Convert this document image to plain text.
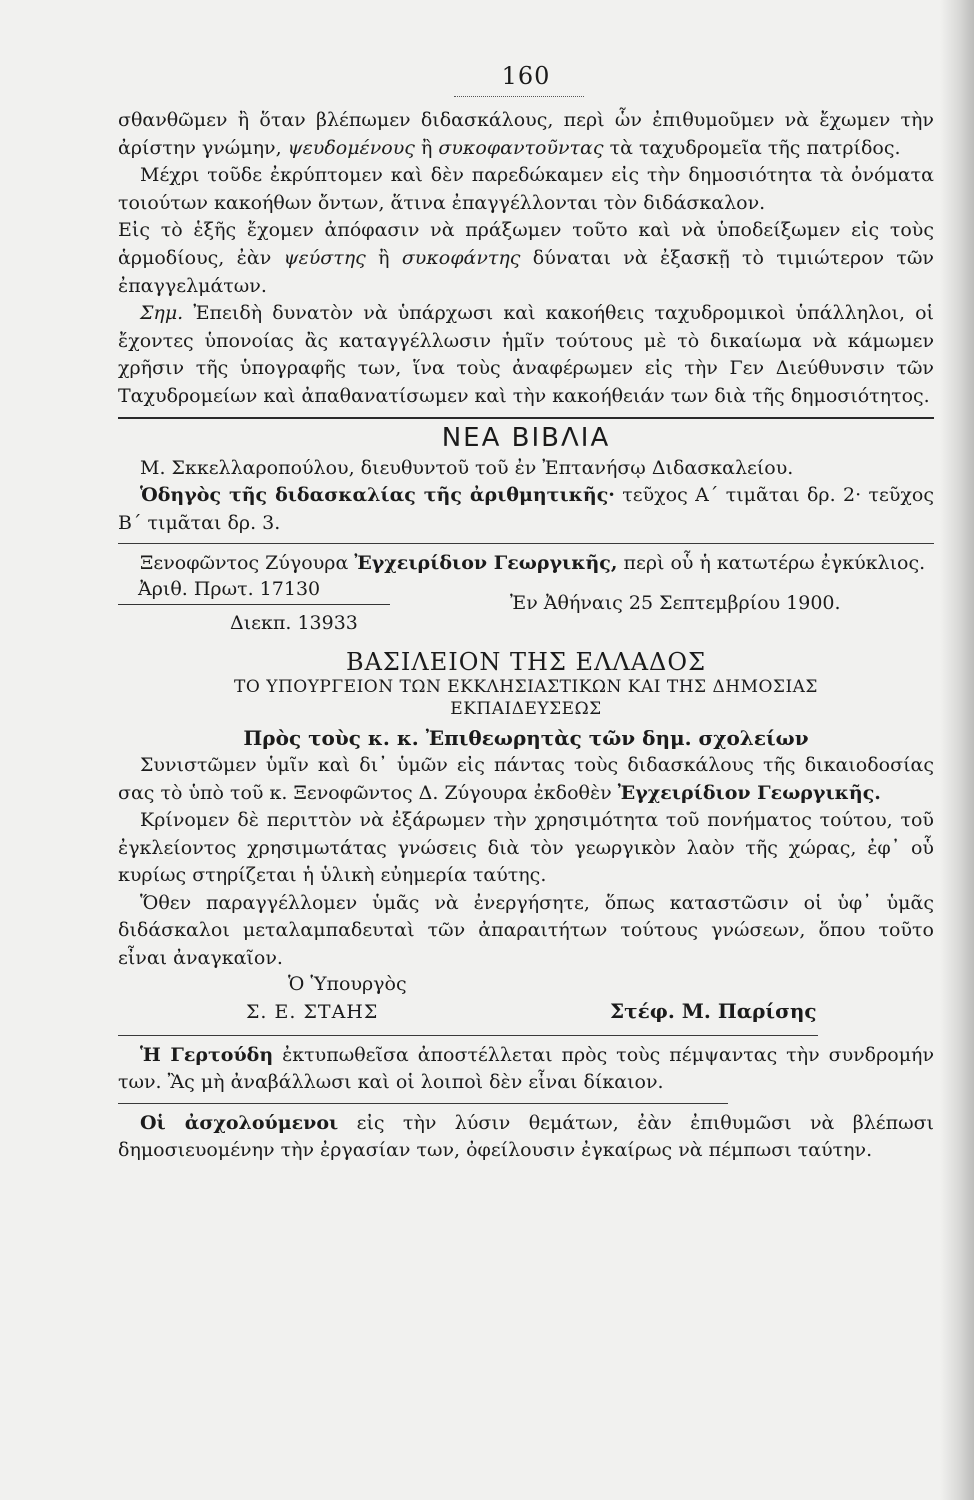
160

σθανθῶμεν ἢ ὅταν βλέπωμεν διδασκάλους, περὶ ὧν ἐπιθυμοῦμεν νὰ ἔχωμεν τὴν ἀρίστην γνώμην, ψευδομένους ἢ συκοφαντοῦντας τὰ ταχυδρομεῖα τῆς πατρίδος.

Μέχρι τοῦδε ἐκρύπτομεν καὶ δὲν παρεδώκαμεν εἰς τὴν δημοσιότητα τὰ ὀνόματα τοιούτων κακοήθων ὄντων, ἅτινα ἐπαγγέλλονται τὸν διδάσκαλον.

Εἰς τὸ ἑξῆς ἔχομεν ἀπόφασιν νὰ πράξωμεν τοῦτο καὶ νὰ ὑποδείξωμεν εἰς τοὺς ἁρμοδίους, ἐὰν ψεύστης ἢ συκοφάντης δύναται νὰ ἐξασκῇ τὸ τιμιώτερον τῶν ἐπαγγελμάτων.

Σημ. Ἐπειδὴ δυνατὸν νὰ ὑπάρχωσι καὶ κακοήθεις ταχυδρομικοὶ ὑπάλληλοι, οἱ ἔχοντες ὑπονοίας ἂς καταγγέλλωσιν ἡμῖν τούτους μὲ τὸ δικαίωμα νὰ κάμωμεν χρῆσιν τῆς ὑπογραφῆς των, ἵνα τοὺς ἀναφέρωμεν εἰς τὴν Γεν Διεύθυνσιν τῶν Ταχυδρομείων καὶ ἀπαθανατίσωμεν καὶ τὴν κακοήθειάν των διὰ τῆς δημοσιότητος.

ΝΕΑ ΒΙΒΛΙΑ

Μ. Σκκελλαροπούλου, διευθυντοῦ τοῦ ἐν Ἐπτανήσῳ Διδασκαλείου.

Ὁδηγὸς τῆς διδασκαλίας τῆς ἀριθμητικῆς· τεῦχος Α΄ τιμᾶται δρ. 2· τεῦχος Β΄ τιμᾶται δρ. 3.

Ξενοφῶντος Ζύγουρα Ἐγχειρίδιον Γεωργικῆς, περὶ οὗ ἡ κατωτέρω ἐγκύκλιος.

Ἀριθ. Πρωτ. 17130
Διεκπ. 13933
Ἐν Ἀθήναις 25 Σεπτεμβρίου 1900.
ΒΑΣΙΛΕΙΟΝ ΤΗΣ ΕΛΛΑΔΟΣ
ΤΟ ΥΠΟΥΡΓΕΙΟΝ ΤΩΝ ΕΚΚΛΗΣΙΑΣΤΙΚΩΝ ΚΑΙ ΤΗΣ ΔΗΜΟΣΙΑΣ
ΕΚΠΑΙΔΕΥΣΕΩΣ
Πρὸς τοὺς κ. κ. Ἐπιθεωρητὰς τῶν δημ. σχολείων

Συνιστῶμεν ὑμῖν καὶ δι᾽ ὑμῶν εἰς πάντας τοὺς διδασκάλους τῆς δικαιοδοσίας σας τὸ ὑπὸ τοῦ κ. Ξενοφῶντος Δ. Ζύγουρα ἐκδοθὲν Ἐγχειρίδιον Γεωργικῆς.

Κρίνομεν δὲ περιττὸν νὰ ἐξάρωμεν τὴν χρησιμότητα τοῦ πονήματος τούτου, τοῦ ἐγκλείοντος χρησιμωτάτας γνώσεις διὰ τὸν γεωργικὸν λαὸν τῆς χώρας, ἐφ᾽ οὗ κυρίως στηρίζεται ἡ ὑλικὴ εὐημερία ταύτης.

Ὅθεν παραγγέλλομεν ὑμᾶς νὰ ἐνεργήσητε, ὅπως καταστῶσιν οἱ ὑφ᾽ ὑμᾶς διδάσκαλοι μεταλαμπαδευταὶ τῶν ἀπαραιτήτων τούτους γνώσεων, ὅπου τοῦτο εἶναι ἀναγκαῖον.

Ὁ Ὑπουργὸς
Σ. Ε. ΣΤΑΗΣ	Στέφ. Μ. Παρίσης

Ἡ Γερτούδη ἐκτυπωθεῖσα ἀποστέλλεται πρὸς τοὺς πέμψαντας τὴν συνδρομήν των. Ἂς μὴ ἀναβάλλωσι καὶ οἱ λοιποὶ δὲν εἶναι δίκαιον.

Οἱ ἀσχολούμενοι εἰς τὴν λύσιν θεμάτων, ἐὰν ἐπιθυμῶσι νὰ βλέπωσι δημοσιευομένην τὴν ἐργασίαν των, ὀφείλουσιν ἐγκαίρως νὰ πέμπωσι ταύτην.
